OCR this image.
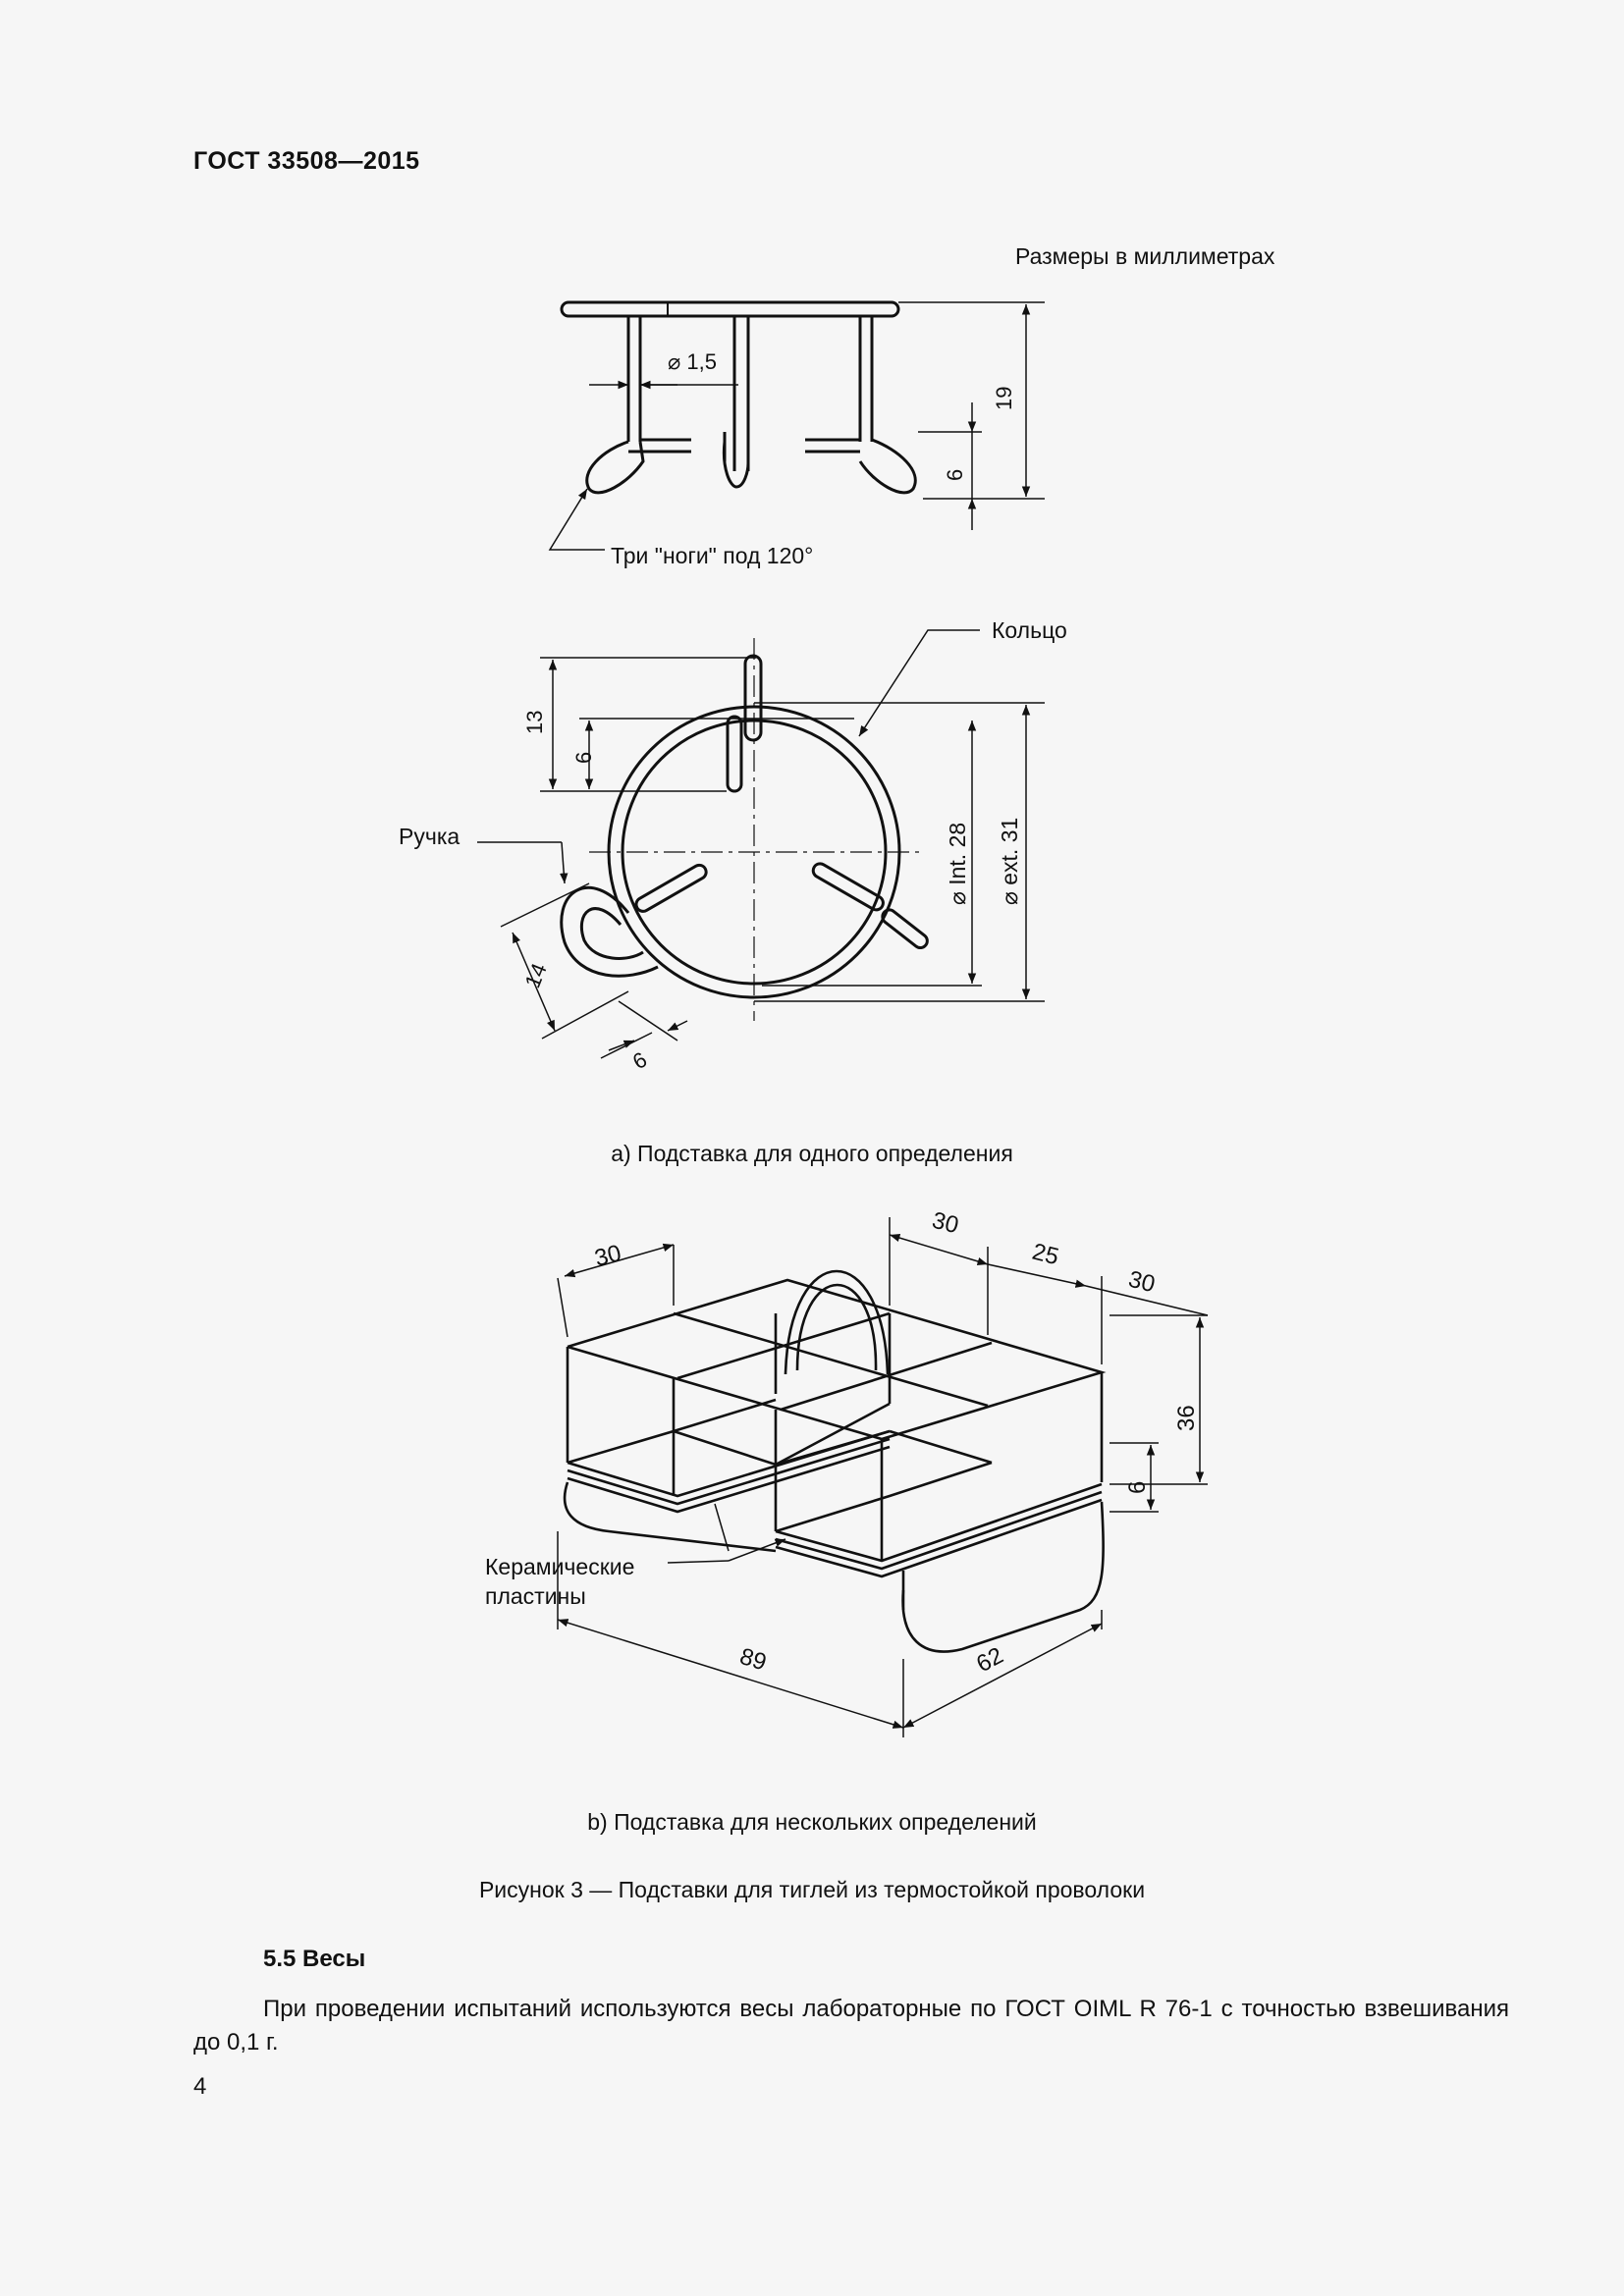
ГОСТ 33508—2015
Размеры в миллиметрах
⌀ 1,5
19
6
Три "ноги" под 120°
13
6
⌀ Int. 28 ⌀ ext. 31
Кольцо
Ручка
14
6
30
30
25
30
36
6
89	62
Керамические пластины
a) Подставка для одного определения
b) Подставка для нескольких определений
Рисунок 3 — Подставки для тиглей из термостойкой проволоки
5.5 Весы
При проведении испытаний используются весы лабораторные по ГОСТ OIML R 76-1 с точностью взвешивания до 0,1 г.
4
